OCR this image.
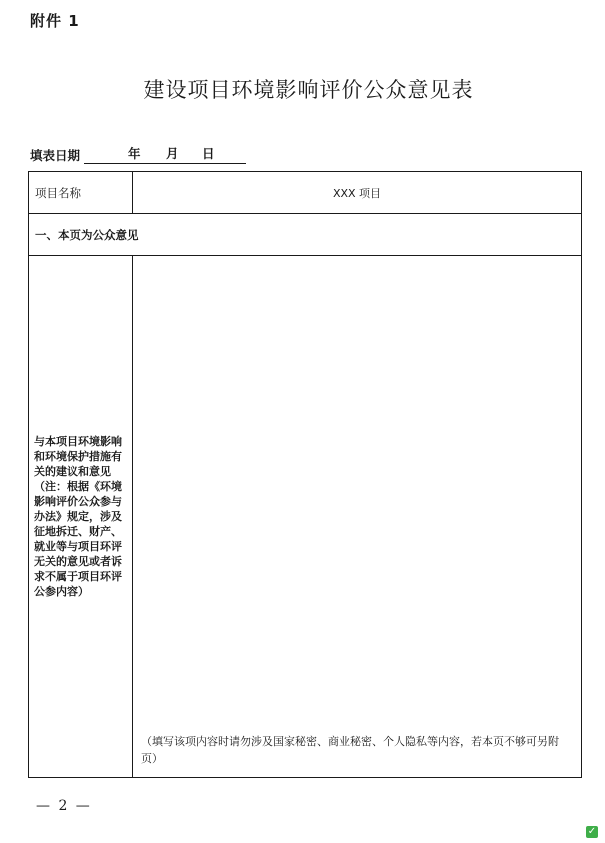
附件 1
建设项目环境影响评价公众意见表
填表日期	年 月 日
项目名称	XXX 项目
一、本页为公众意见

与本项目环境影响和环境保护措施有关的建议和意见（注：根据《环境影响评价公众参与办法》规定，涉及征地拆迁、财产、就业等与项目环评无关的意见或者诉求不属于项目环评公参内容）

（填写该项内容时请勿涉及国家秘密、商业秘密、个人隐私等内容，若本页不够可另附页）
— 2 —
✓
